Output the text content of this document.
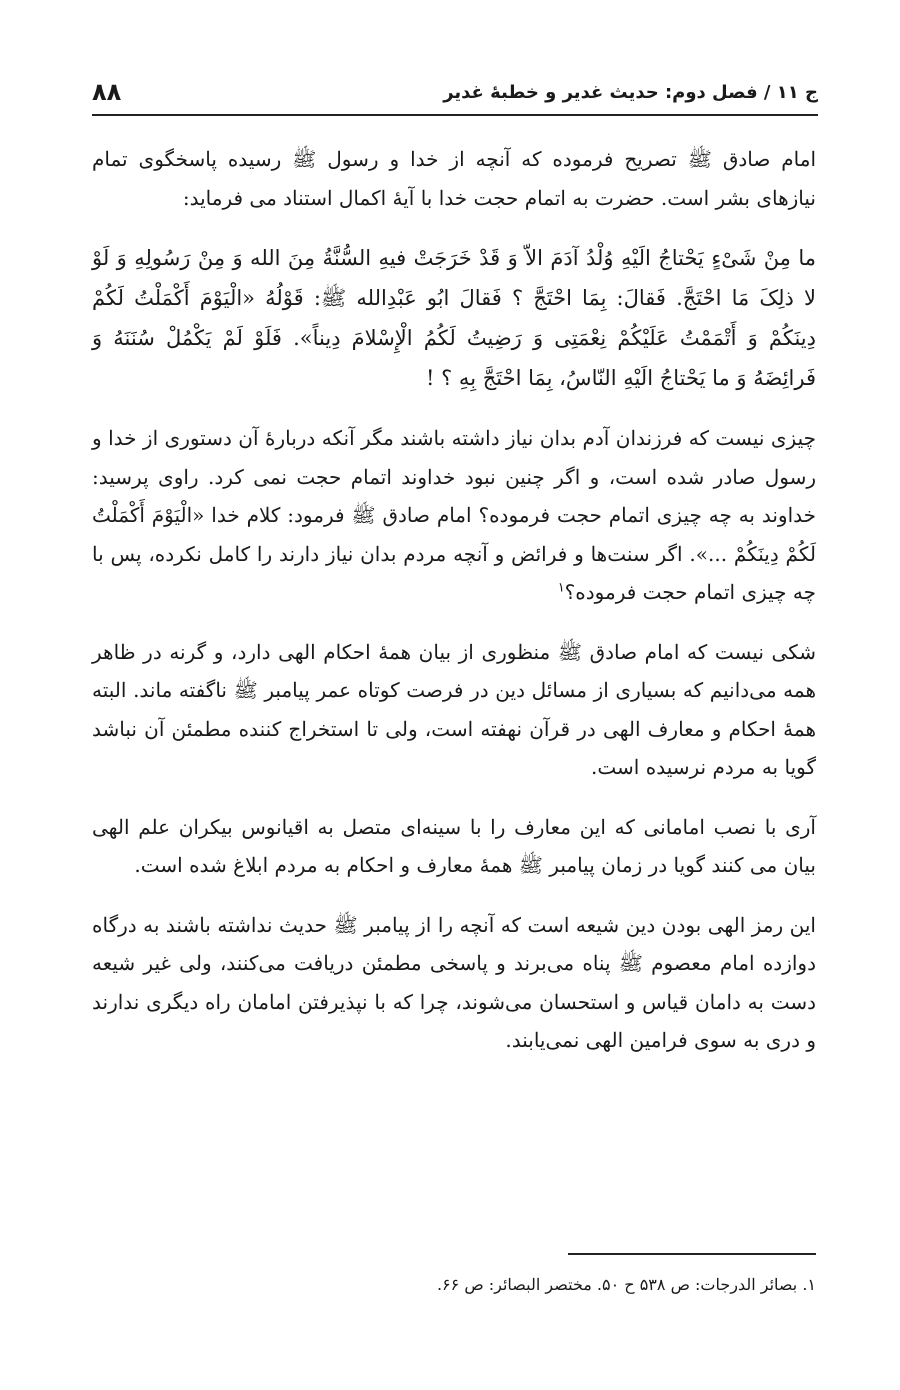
ج ۱۱ / فصل دوم: حدیث غدیر و خطبهٔ غدیر
۸۸

امام صادق ﷺ تصریح فرموده که آنچه از خدا و رسول ﷺ رسیده پاسخگوی تمام نیازهای بشر است. حضرت به اتمام حجت خدا با آیهٔ اکمال استناد می فرماید:

ما مِنْ شَیْءٍ یَحْتاجُ الَیْهِ وُلْدُ آدَمَ الاّ وَ قَدْ خَرَجَتْ فیهِ السُّنَّةُ مِنَ الله وَ مِنْ رَسُولِهِ وَ لَوْ لا ذلِکَ مَا احْتَجَّ. فَقالَ: بِمَا احْتَجَّ ؟ فَقالَ ابُو عَبْدِالله ﷺ: قَوْلُهُ «الْیَوْمَ أَکْمَلْتُ لَکُمْ دِینَکُمْ وَ أَتْمَمْتُ عَلَیْکُمْ نِعْمَتِی وَ رَضِیتُ لَکُمُ الْإِسْلامَ دِیناً». فَلَوْ لَمْ یَکْمُلْ سُنَنَهُ وَ فَرائِضَهُ وَ ما یَحْتاجُ الَیْهِ النّاسُ، بِمَا احْتَجَّ بِهِ ؟ !

چیزی نیست که فرزندان آدم بدان نیاز داشته باشند مگر آنکه دربارهٔ آن دستوری از خدا و رسول صادر شده است، و اگر چنین نبود خداوند اتمام حجت نمی کرد. راوی پرسید: خداوند به چه چیزی اتمام حجت فرموده؟ امام صادق ﷺ فرمود: کلام خدا «الْیَوْمَ أَکْمَلْتُ لَکُمْ دِینَکُمْ ...». اگر سنت‌ها و فرائض و آنچه مردم بدان نیاز دارند را کامل نکرده، پس با چه چیزی اتمام حجت فرموده؟$^۱$

شکی نیست که امام صادق ﷺ منظوری از بیان همهٔ احکام الهی دارد، و گرنه در ظاهر همه می‌دانیم که بسیاری از مسائل دین در فرصت کوتاه عمر پیامبر ﷺ ناگفته ماند. البته همهٔ احکام و معارف الهی در قرآن نهفته است، ولی تا استخراج کننده مطمئن آن نباشد گویا به مردم نرسیده است.

آری با نصب امامانی که این معارف را با سینه‌ای متصل به اقیانوس بیکران علم الهی بیان می کنند گویا در زمان پیامبر ﷺ همهٔ معارف و احکام به مردم ابلاغ شده است.

این رمز الهی بودن دین شیعه است که آنچه را از پیامبر ﷺ حدیث نداشته باشند به درگاه دوازده امام معصوم ﷺ پناه می‌برند و پاسخی مطمئن دریافت می‌کنند، ولی غیر شیعه دست به دامان قیاس و استحسان می‌شوند، چرا که با نپذیرفتن امامان راه دیگری ندارند و دری به سوی فرامین الهی نمی‌یابند.

۱. بصائر الدرجات: ص ۵۳۸ ح ۵۰. مختصر البصائر: ص ۶۶.
